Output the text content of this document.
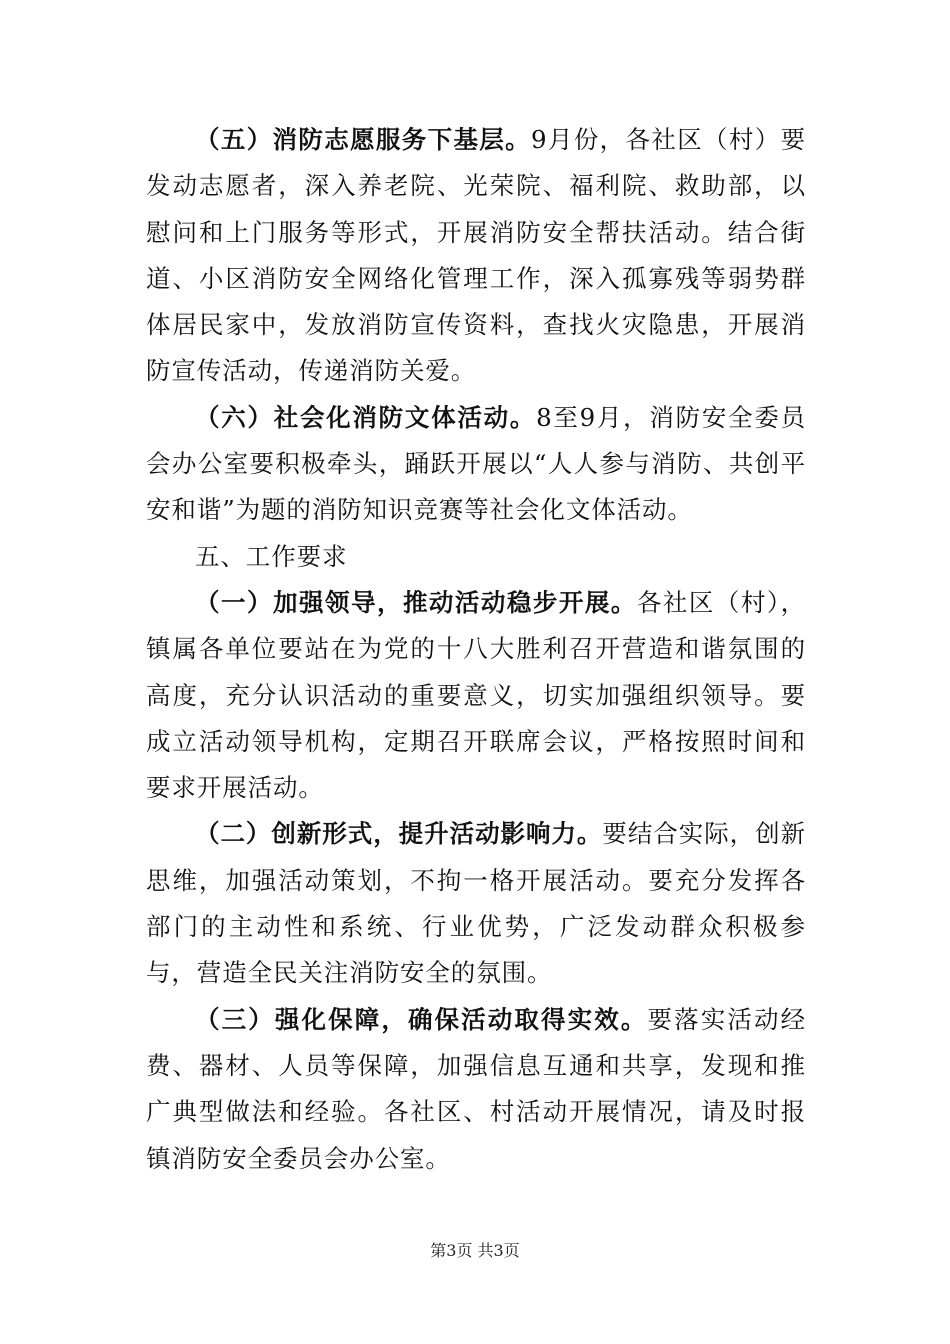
（五）消防志愿服务下基层。9月份，各社区（村）要发动志愿者，深入养老院、光荣院、福利院、救助部，以慰问和上门服务等形式，开展消防安全帮扶活动。结合街道、小区消防安全网络化管理工作，深入孤寡残等弱势群体居民家中，发放消防宣传资料，查找火灾隐患，开展消防宣传活动，传递消防关爱。

（六）社会化消防文体活动。8至9月，消防安全委员会办公室要积极牵头，踊跃开展以“人人参与消防、共创平安和谐”为题的消防知识竞赛等社会化文体活动。

五、工作要求

（一）加强领导，推动活动稳步开展。各社区（村），镇属各单位要站在为党的十八大胜利召开营造和谐氛围的高度，充分认识活动的重要意义，切实加强组织领导。要成立活动领导机构，定期召开联席会议，严格按照时间和要求开展活动。

（二）创新形式，提升活动影响力。要结合实际，创新思维，加强活动策划，不拘一格开展活动。要充分发挥各部门的主动性和系统、行业优势，广泛发动群众积极参与，营造全民关注消防安全的氛围。

（三）强化保障，确保活动取得实效。要落实活动经费、器材、人员等保障，加强信息互通和共享，发现和推广典型做法和经验。各社区、村活动开展情况，请及时报镇消防安全委员会办公室。

第3页 共3页
